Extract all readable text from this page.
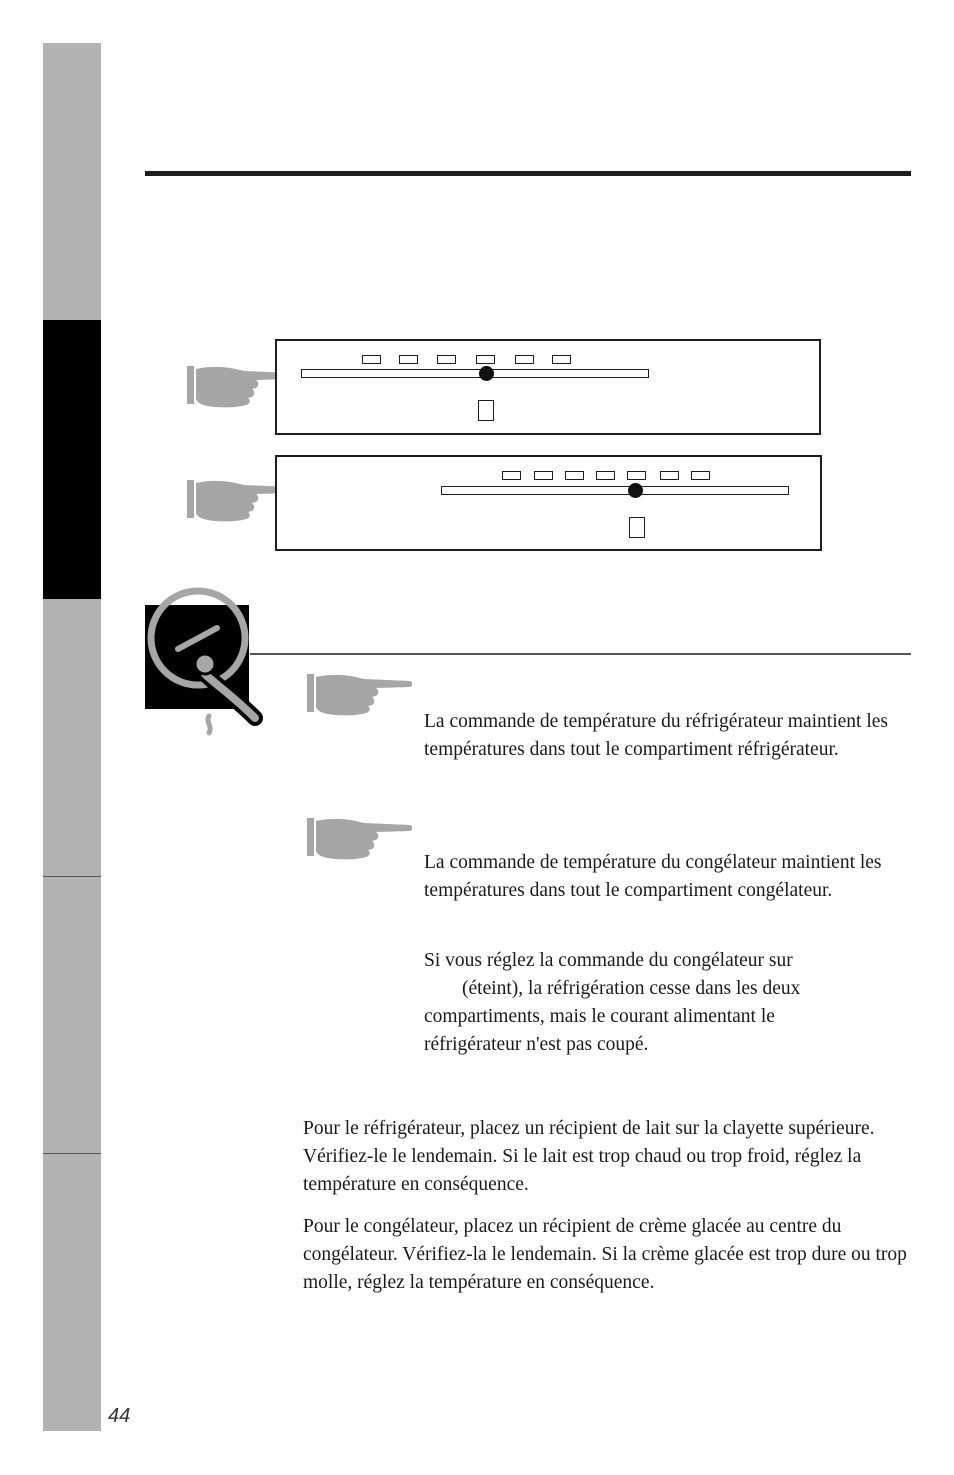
La commande de température du réfrigérateur maintient les températures dans tout le compartiment réfrigérateur.

La commande de température du congélateur maintient les températures dans tout le compartiment congélateur.

Si vous réglez la commande du congélateur sur

(éteint), la réfrigération cesse dans les deux compartiments, mais le courant alimentant le réfrigérateur n'est pas coupé.

Pour le réfrigérateur, placez un récipient de lait sur la clayette supérieure. Vérifiez-le le lendemain. Si le lait est trop chaud ou trop froid, réglez la température en conséquence.

Pour le congélateur, placez un récipient de crème glacée au centre du congélateur. Vérifiez-la le lendemain. Si la crème glacée est trop dure ou trop molle, réglez la température en conséquence.

44
